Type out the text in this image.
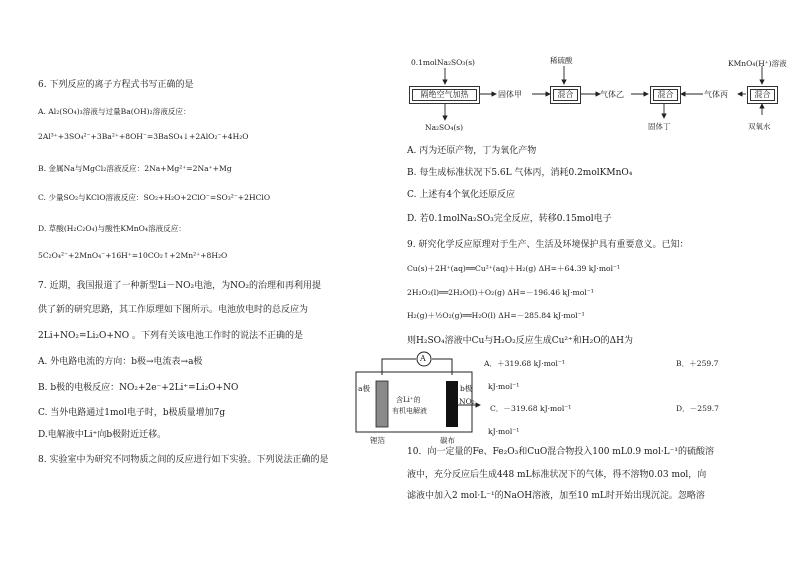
6. 下列反应的离子方程式书写正确的是
A. Al₂(SO₄)₃溶液与过量Ba(OH)₂溶液反应：
2Al³⁺+3SO₄²⁻+3Ba²⁺+8OH⁻=3BaSO₄↓+2AlO₂⁻+4H₂O
B. 金属Na与MgCl₂溶液反应：2Na+Mg²⁺=2Na⁺+Mg
C. 少量SO₂与KClO溶液反应：SO₂+H₂O+2ClO⁻=SO₃²⁻+2HClO
D. 草酸(H₂C₂O₄)与酸性KMnO₄溶液反应：
5C₂O₄²⁻+2MnO₄⁻+16H⁺=10CO₂↑+2Mn²⁺+8H₂O
7. 近期，我国报道了一种新型Li－NO₂电池，为NO₂的治理和再利用提
供了新的研究思路，其工作原理如下图所示。电池放电时的总反应为
2Li+NO₂=Li₂O+NO 。下列有关该电池工作时的说法不正确的是
A. 外电路电流的方向：b极→电流表→a极
B. b极的电极反应：NO₂+2e⁻+2Li⁺=Li₂O+NO
C. 当外电路通过1mol电子时，b极质量增加7g
D.电解液中Li⁺向b极附近迁移。
8. 实验室中为研究不同物质之间的反应进行如下实验。下列说法正确的是
A
a极	b极
含Li⁺的
有机电解液
NO₂
锂箔	碳布
0.1molNa₂SO₃(s)	稀硫酸	KMnO₄(H⁺)溶液
隔绝空气加热	固体甲	混合	气体乙	混合	气体丙	混合
Na₂SO₄(s)	固体丁	双氧水
A. 丙为还原产物，丁为氧化产物
B. 每生成标准状况下5.6L 气体丙，消耗0.2molKMnO₄
C. 上述有4个氧化还原反应
D. 若0.1molNa₂SO₃完全反应，转移0.15mol电子
9. 研究化学反应原理对于生产、生活及环境保护具有重要意义。已知：
Cu(s)＋2H⁺(aq)══Cu²⁺(aq)＋H₂(g) ΔH=＋64.39 kJ·mol⁻¹
2H₂O₂(l)══2H₂O(l)＋O₂(g) ΔH=－196.46 kJ·mol⁻¹
H₂(g)＋½O₂(g)══H₂O(l) ΔH=－285.84 kJ·mol⁻¹
则H₂SO₄溶液中Cu与H₂O₂反应生成Cu²⁺和H₂O的ΔH为
A．＋319.68 kJ·mol⁻¹	B．＋259.7
kJ·mol⁻¹
C．－319.68 kJ·mol⁻¹	D．－259.7
kJ·mol⁻¹
10．向一定量的Fe、Fe₂O₃和CuO混合物投入100 mL0.9 mol·L⁻¹的硫酸溶
液中，充分反应后生成448 mL标准状况下的气体，得不溶物0.03 mol，向
滤液中加入2 mol·L⁻¹的NaOH溶液，加至10 mL时开始出现沉淀。忽略溶
